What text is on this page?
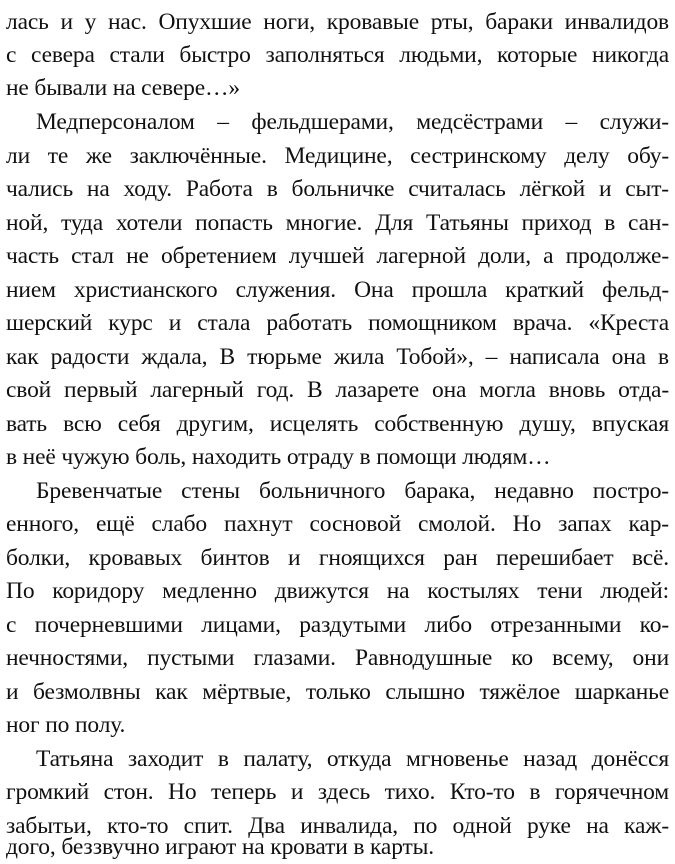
лась и у нас. Опухшие ноги, кровавые рты, бараки инвалидов
с севера стали быстро заполняться людьми, которые никогда
не бывали на севере…»
Медперсоналом – фельдшерами, медсёстрами – служи-
ли те же заключённые. Медицине, сестринскому делу обу-
чались на ходу. Работа в больничке считалась лёгкой и сыт-
ной, туда хотели попасть многие. Для Татьяны приход в сан-
часть стал не обретением лучшей лагерной доли, а продолже-
нием христианского служения. Она прошла краткий фельд-
шерский курс и стала работать помощником врача. «Креста
как радости ждала, В тюрьме жила Тобой», – написала она в
свой первый лагерный год. В лазарете она могла вновь отда-
вать всю себя другим, исцелять собственную душу, впуская
в неё чужую боль, находить отраду в помощи людям…
Бревенчатые стены больничного барака, недавно постро-
енного, ещё слабо пахнут сосновой смолой. Но запах кар-
болки, кровавых бинтов и гноящихся ран перешибает всё.
По коридору медленно движутся на костылях тени людей:
с почерневшими лицами, раздутыми либо отрезанными ко-
нечностями, пустыми глазами. Равнодушные ко всему, они
и безмолвны как мёртвые, только слышно тяжёлое шарканье
ног по полу.
Татьяна заходит в палату, откуда мгновенье назад донёсся
громкий стон. Но теперь и здесь тихо. Кто-то в горячечном
забытьи, кто-то спит. Два инвалида, по одной руке на каж-
дого, беззвучно играют на кровати в карты.
